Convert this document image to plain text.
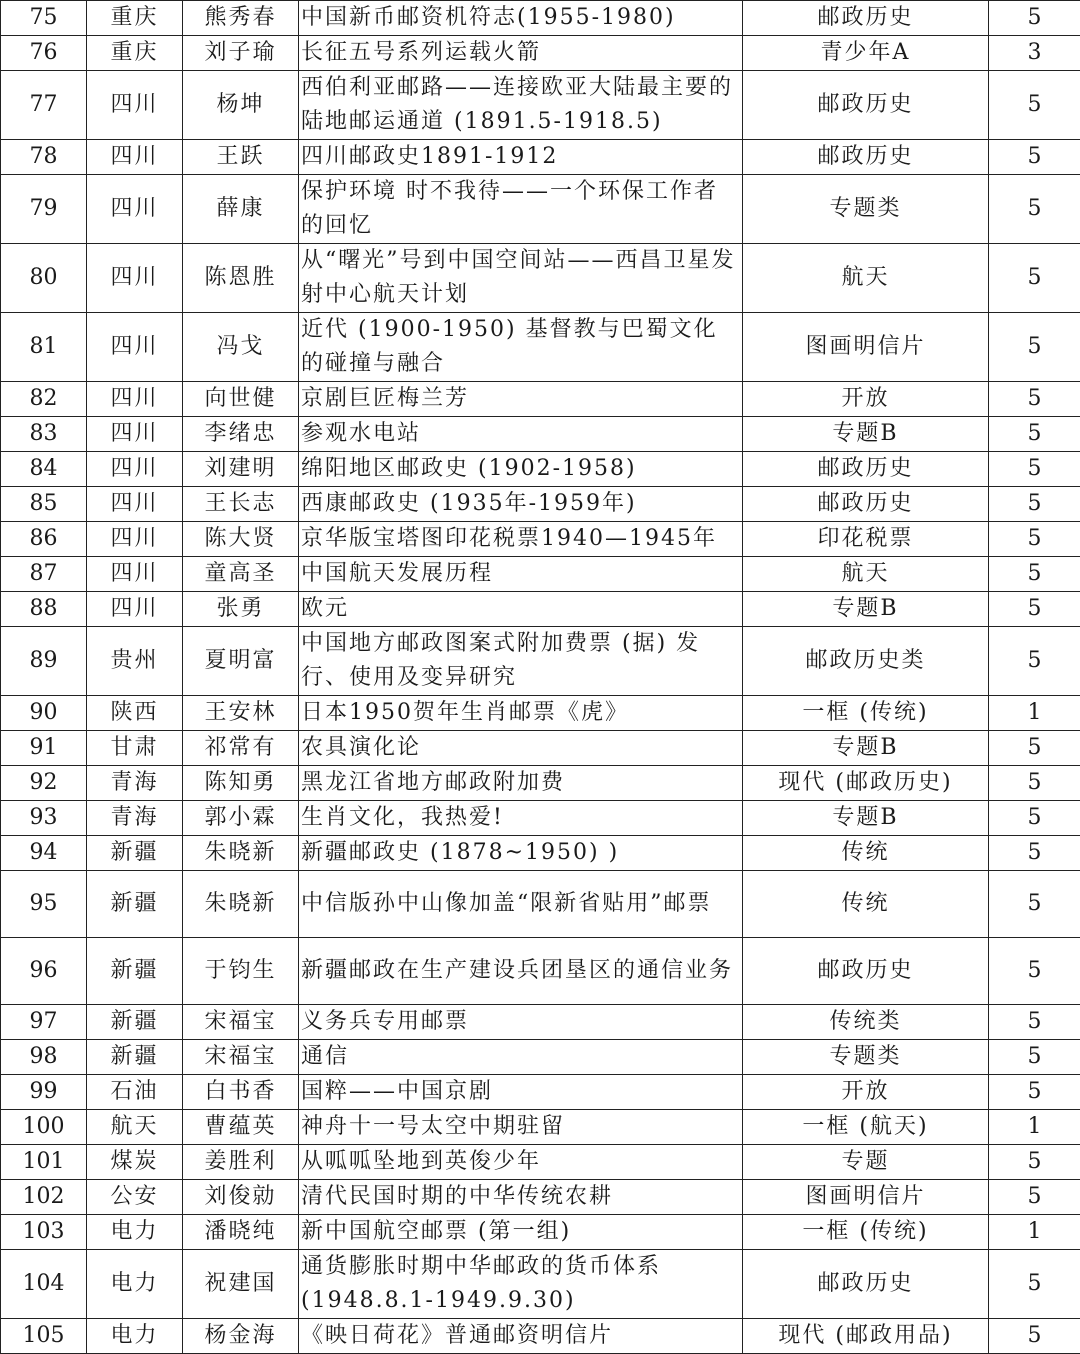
75	重庆	熊秀春	中国新币邮资机符志(1955-1980)	邮政历史	5
76	重庆	刘子瑜	长征五号系列运载火箭	青少年A	3
77	四川	杨坤	西伯利亚邮路——连接欧亚大陆最主要的陆地邮运通道 (1891.5-1918.5)	邮政历史	5
78	四川	王跃	四川邮政史1891-1912	邮政历史	5
79	四川	薛康	保护环境 时不我待——一个环保工作者的回忆	专题类	5
80	四川	陈恩胜	从“曙光”号到中国空间站——西昌卫星发射中心航天计划	航天	5
81	四川	冯戈	近代 (1900-1950) 基督教与巴蜀文化的碰撞与融合	图画明信片	5
82	四川	向世健	京剧巨匠梅兰芳	开放	5
83	四川	李绪忠	参观水电站	专题B	5
84	四川	刘建明	绵阳地区邮政史 (1902-1958)	邮政历史	5
85	四川	王长志	西康邮政史 (1935年-1959年)	邮政历史	5
86	四川	陈大贤	京华版宝塔图印花税票1940—1945年	印花税票	5
87	四川	童高圣	中国航天发展历程	航天	5
88	四川	张勇	欧元	专题B	5
89	贵州	夏明富	中国地方邮政图案式附加费票 (据) 发行、使用及变异研究	邮政历史类	5
90	陕西	王安林	日本1950贺年生肖邮票《虎》	一框 (传统)	1
91	甘肃	祁常有	农具演化论	专题B	5
92	青海	陈知勇	黑龙江省地方邮政附加费	现代 (邮政历史)	5
93	青海	郭小霖	生肖文化，我热爱!	专题B	5
94	新疆	朱晓新	新疆邮政史 (1878~1950) )	传统	5
95	新疆	朱晓新	中信版孙中山像加盖“限新省贴用”邮票	传统	5
96	新疆	于钧生	新疆邮政在生产建设兵团垦区的通信业务	邮政历史	5
97	新疆	宋福宝	义务兵专用邮票	传统类	5
98	新疆	宋福宝	通信	专题类	5
99	石油	白书香	国粹——中国京剧	开放	5
100	航天	曹蕴英	神舟十一号太空中期驻留	一框 (航天)	1
101	煤炭	姜胜利	从呱呱坠地到英俊少年	专题	5
102	公安	刘俊勍	清代民国时期的中华传统农耕	图画明信片	5
103	电力	潘晓纯	新中国航空邮票 (第一组)	一框 (传统)	1
104	电力	祝建国	通货膨胀时期中华邮政的货币体系 (1948.8.1-1949.9.30)	邮政历史	5
105	电力	杨金海	《映日荷花》普通邮资明信片	现代 (邮政用品)	5
